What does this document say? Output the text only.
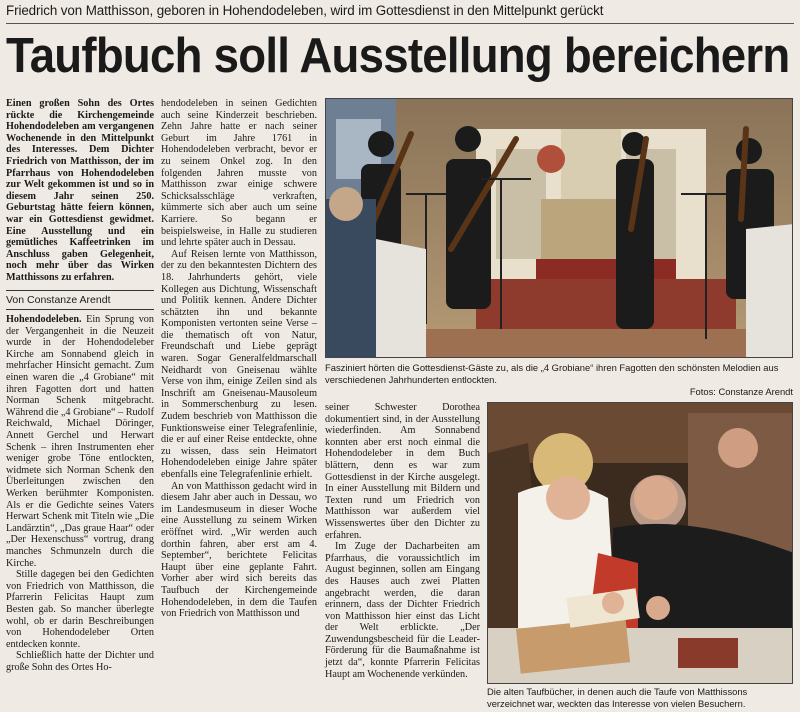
Friedrich von Matthisson, geboren in Hohendodeleben, wird im Gottesdienst in den Mittelpunkt gerückt
Taufbuch soll Ausstellung bereichern

Einen großen Sohn des Ortes rückte die Kirchengemeinde Hohendodeleben am vergangenen Wochenende in den Mittelpunkt des Interesses. Dem Dichter Friedrich von Matthisson, der im Pfarrhaus von Hohendodeleben zur Welt gekommen ist und so in diesem Jahr seinen 250. Geburtstag hätte feiern können, war ein Gottesdienst gewidmet. Eine Ausstellung und ein gemütliches Kaffeetrinken im Anschluss gaben Gelegenheit, noch mehr über das Wirken Matthissons zu erfahren.

Von Constanze Arendt

Hohendodeleben. Ein Sprung von der Vergangenheit in die Neuzeit wurde in der Hohendodeleber Kirche am Sonnabend gleich in mehrfacher Hinsicht gemacht. Zum einen waren die „4 Grobiane“ mit ihren Fagotten dort und hatten Norman Schenk mitgebracht. Während die „4 Grobiane“ – Rudolf Reichwald, Michael Döringer, Annett Gerchel und Herwart Schenk – ihren Instrumenten eher weniger grobe Töne entlockten, widmete sich Norman Schenk den Überleitungen zwischen den Werken berühmter Komponisten. Als er die Gedichte seines Vaters Herwart Schenk mit Titeln wie „Die Landärztin“, „Das graue Haar“ oder „Der Hexenschuss“ vortrug, drang manches Schmunzeln durch die Kirche.

Stille dagegen bei den Gedichten von Friedrich von Matthisson, die Pfarrerin Felicitas Haupt zum Besten gab. So mancher überlegte wohl, ob er darin Beschreibungen von Hohendodeleber Orten entdecken konnte.

Schließlich hatte der Dichter und große Sohn des Ortes Ho-

hendodeleben in seinen Gedichten auch seine Kinderzeit beschrieben. Zehn Jahre hatte er nach seiner Geburt im Jahre 1761 in Hohendodeleben verbracht, bevor er zu seinem Onkel zog. In den folgenden Jahren musste von Matthisson zwar einige schwere Schicksalsschläge verkraften, kümmerte sich aber auch um seine Karriere. So begann er beispielsweise, in Halle zu studieren und lehrte später auch in Dessau.

Auf Reisen lernte von Matthisson, der zu den bekanntesten Dichtern des 18. Jahrhunderts gehört, viele Kollegen aus Dichtung, Wissenschaft und Politik kennen. Andere Dichter schätzten ihn und bekannte Komponisten vertonten seine Verse – die thematisch oft von Natur, Freundschaft und Liebe geprägt waren. Sogar Generalfeldmarschall Neidhardt von Gneisenau wählte Verse von ihm, einige Zeilen sind als Inschrift am Gneisenau-Mausoleum in Sommerschenburg zu lesen. Zudem beschrieb von Matthisson die Funktionsweise einer Telegrafenlinie, die er auf einer Reise entdeckte, ohne zu wissen, dass sein Heimatort Hohendodeleben einige Jahre später ebenfalls eine Telegrafenlinie erhielt.

An von Matthisson gedacht wird in diesem Jahr aber auch in Dessau, wo im Landesmuseum in dieser Woche eine Ausstellung zu seinem Wirken eröffnet wird. „Wir werden auch dorthin fahren, aber erst am 4. September“, berichtete Felicitas Haupt über eine geplante Fahrt. Vorher aber wird sich bereits das Taufbuch der Kirchengemeinde Hohendodeleben, in dem die Taufen von Friedrich von Matthisson und

Fasziniert hörten die Gottesdienst-Gäste zu, als die „4 Grobiane“ ihren Fagotten den schönsten Melodien aus verschiedenen Jahrhunderten entlockten.
Fotos: Constanze Arendt

seiner Schwester Dorothea dokumentiert sind, in der Ausstellung wiederfinden. Am Sonnabend konnten aber erst noch einmal die Hohendodeleber in dem Buch blättern, denn es war zum Gottesdienst in der Kirche ausgelegt. In einer Ausstellung mit Bildern und Texten rund um Friedrich von Matthisson war außerdem viel Wissenswertes über den Dichter zu erfahren.

Im Zuge der Dacharbeiten am Pfarrhaus, die voraussichtlich im August beginnen, sollen am Eingang des Hauses auch zwei Platten angebracht werden, die daran erinnern, dass der Dichter Friedrich von Matthisson hier einst das Licht der Welt erblickte. „Der Zuwendungsbescheid für die Leader-Förderung für die Baumaßnahme ist jetzt da“, konnte Pfarrerin Felicitas Haupt am Wochenende verkünden.

Die alten Taufbücher, in denen auch die Taufe von Matthissons verzeichnet war, weckten das Interesse von vielen Besuchern.
